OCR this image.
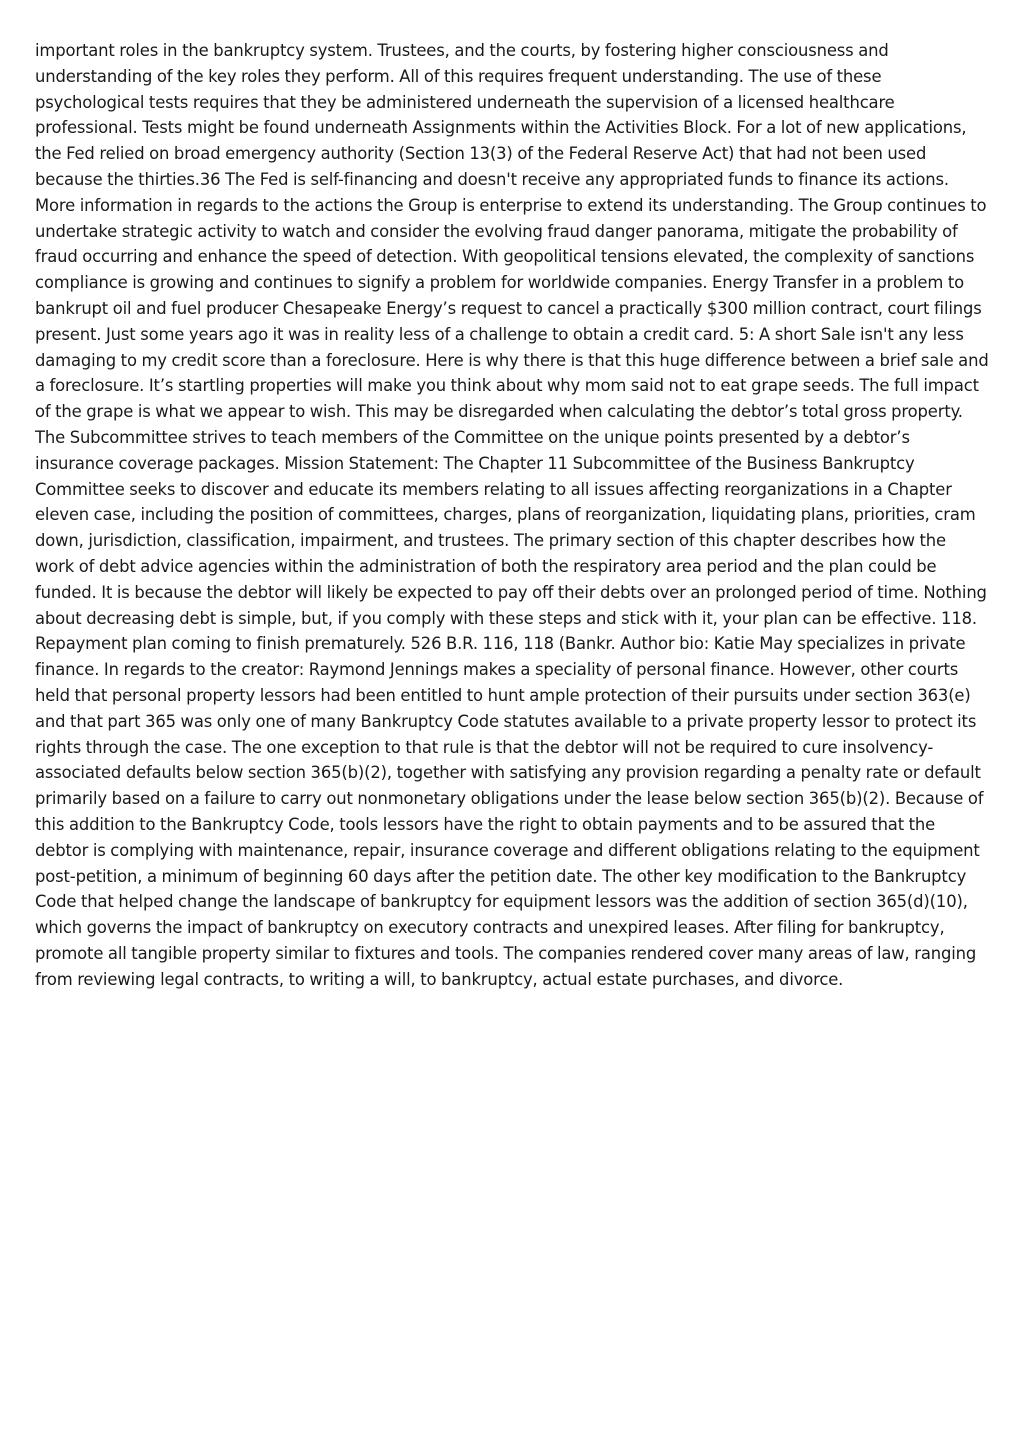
important roles in the bankruptcy system. Trustees, and the courts, by fostering higher consciousness and understanding of the key roles they perform. All of this requires frequent understanding. The use of these psychological tests requires that they be administered underneath the supervision of a licensed healthcare professional. Tests might be found underneath Assignments within the Activities Block. For a lot of new applications, the Fed relied on broad emergency authority (Section 13(3) of the Federal Reserve Act) that had not been used because the thirties.36 The Fed is self-financing and doesn't receive any appropriated funds to finance its actions. More information in regards to the actions the Group is enterprise to extend its understanding. The Group continues to undertake strategic activity to watch and consider the evolving fraud danger panorama, mitigate the probability of fraud occurring and enhance the speed of detection. With geopolitical tensions elevated, the complexity of sanctions compliance is growing and continues to signify a problem for worldwide companies. Energy Transfer in a problem to bankrupt oil and fuel producer Chesapeake Energy’s request to cancel a practically $300 million contract, court filings present. Just some years ago it was in reality less of a challenge to obtain a credit card. 5: A short Sale isn't any less damaging to my credit score than a foreclosure. Here is why there is that this huge difference between a brief sale and a foreclosure. It’s startling properties will make you think about why mom said not to eat grape seeds. The full impact of the grape is what we appear to wish. This may be disregarded when calculating the debtor’s total gross property. The Subcommittee strives to teach members of the Committee on the unique points presented by a debtor’s insurance coverage packages. Mission Statement: The Chapter 11 Subcommittee of the Business Bankruptcy Committee seeks to discover and educate its members relating to all issues affecting reorganizations in a Chapter eleven case, including the position of committees, charges, plans of reorganization, liquidating plans, priorities, cram down, jurisdiction, classification, impairment, and trustees. The primary section of this chapter describes how the work of debt advice agencies within the administration of both the respiratory area period and the plan could be funded. It is because the debtor will likely be expected to pay off their debts over an prolonged period of time. Nothing about decreasing debt is simple, but, if you comply with these steps and stick with it, your plan can be effective. 118. Repayment plan coming to finish prematurely. 526 B.R. 116, 118 (Bankr. Author bio: Katie May specializes in private finance. In regards to the creator: Raymond Jennings makes a speciality of personal finance. However, other courts held that personal property lessors had been entitled to hunt ample protection of their pursuits under section 363(e) and that part 365 was only one of many Bankruptcy Code statutes available to a private property lessor to protect its rights through the case. The one exception to that rule is that the debtor will not be required to cure insolvency-associated defaults below section 365(b)(2), together with satisfying any provision regarding a penalty rate or default primarily based on a failure to carry out nonmonetary obligations under the lease below section 365(b)(2). Because of this addition to the Bankruptcy Code, tools lessors have the right to obtain payments and to be assured that the debtor is complying with maintenance, repair, insurance coverage and different obligations relating to the equipment post-petition, a minimum of beginning 60 days after the petition date. The other key modification to the Bankruptcy Code that helped change the landscape of bankruptcy for equipment lessors was the addition of section 365(d)(10), which governs the impact of bankruptcy on executory contracts and unexpired leases. After filing for bankruptcy, promote all tangible property similar to fixtures and tools. The companies rendered cover many areas of law, ranging from reviewing legal contracts, to writing a will, to bankruptcy, actual estate purchases, and divorce.
